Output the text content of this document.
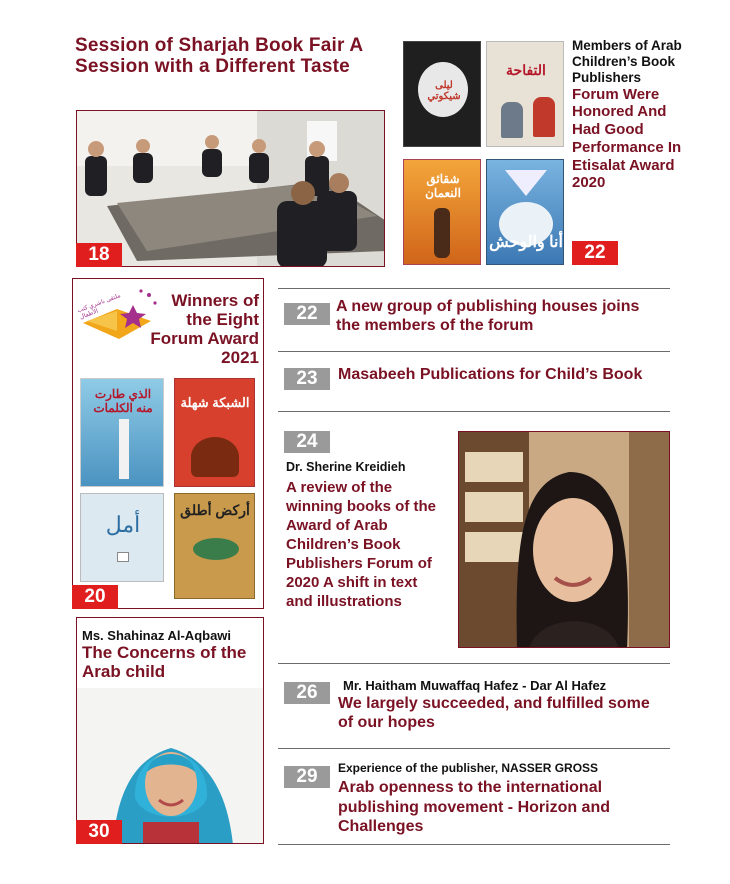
Session of Sharjah Book Fair A Session with a Different Taste
18
ليلى شيكوتي
التفاحة
شقائق النعمان
أنا والوحش	22
Members of Arab Children’s Book Publishers
Forum Were Honored And Had Good Performance In Etisalat Award 2020
ملتقى ناشري كتب الأطفال
Winners of the Eight Forum Award 2021
الذي طارت منه الكلمات	الشبكة شهلة
أمل
أركض أطلق
20
Ms. Shahinaz Al-Aqbawi
The Concerns of the Arab child
30
22	A new group of publishing houses joins the members of the forum
23	Masabeeh Publications for Child’s Book
24
Dr. Sherine Kreidieh
A review of the winning books of the Award of Arab Children’s Book Publishers Forum of 2020 A shift in text and illustrations
26	Mr. Haitham Muwaffaq Hafez - Dar Al Hafez
We largely succeeded, and fulfilled some of our hopes
29	Experience of the publisher, NASSER GROSS
Arab openness to the international publishing movement - Horizon and Challenges
